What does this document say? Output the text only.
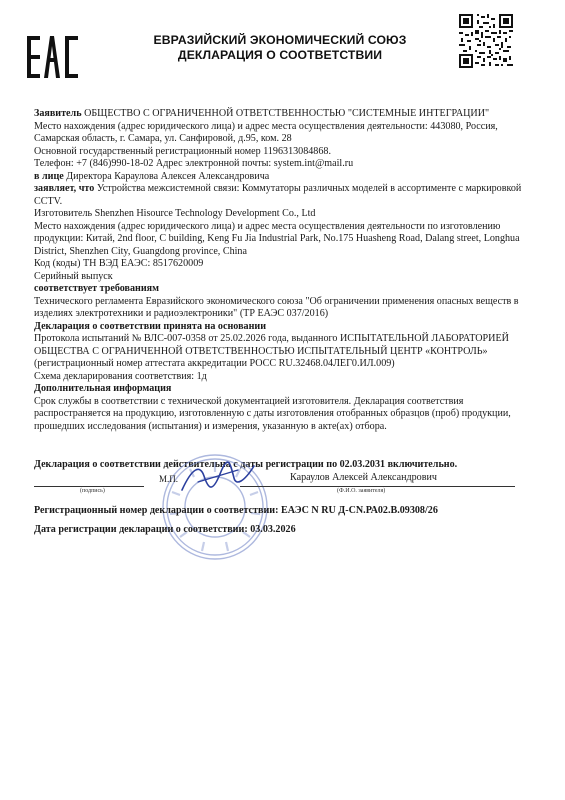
ЕВРАЗИЙСКИЙ ЭКОНОМИЧЕСКИЙ СОЮЗ
ДЕКЛАРАЦИЯ О СООТВЕТСТВИИ

Заявитель ОБЩЕСТВО С ОГРАНИЧЕННОЙ ОТВЕТСТВЕННОСТЬЮ "СИСТЕМНЫЕ ИНТЕГРАЦИИ"

Место нахождения (адрес юридического лица) и адрес места осуществления деятельности: 443080, Россия, Самарская область, г. Самара, ул. Санфировой, д.95, ком. 28

Основной государственный регистрационный номер 1196313084868.

Телефон: +7 (846)990-18-02 Адрес электронной почты: system.int@mail.ru

в лице Директора Караулова Алексея Александровича

заявляет, что Устройства межсистемной связи: Коммутаторы различных моделей в ассортименте с маркировкой CCTV.

Изготовитель Shenzhen Hisource Technology Development Co., Ltd

Место нахождения (адрес юридического лица) и адрес места осуществления деятельности по изготовлению продукции: Китай, 2nd floor, C building, Keng Fu Jia Industrial Park, No.175 Huasheng Road, Dalang street, Longhua District, Shenzhen City, Guangdong province, China

Код (коды) ТН ВЭД ЕАЭС: 8517620009

Серийный выпуск

соответствует требованиям

Технического регламента Евразийского экономического союза "Об ограничении применения опасных веществ в изделиях электротехники и радиоэлектроники" (ТР ЕАЭС 037/2016)

Декларация о соответствии принята на основании

Протокола испытаний № ВЛС-007-0358 от 25.02.2026 года, выданного ИСПЫТАТЕЛЬНОЙ ЛАБОРАТОРИЕЙ ОБЩЕСТВА С ОГРАНИЧЕННОЙ ОТВЕТСТВЕННОСТЬЮ ИСПЫТАТЕЛЬНЫЙ ЦЕНТР «КОНТРОЛЬ» (регистрационный номер аттестата аккредитации РОСС RU.32468.04ЛЕГ0.ИЛ.009)

Схема декларирования соответствия: 1д

Дополнительная информация

Срок службы в соответствии с технической документацией изготовителя. Декларация соответствия распространяется на продукцию, изготовленную с даты изготовления отобранных образцов (проб) продукции, прошедших исследования (испытания) и измерения, указанную в акте(ах) отбора.

Декларация о соответствии действительна с даты регистрации по 02.03.2031 включительно.
М.П.	Караулов Алексей Александрович
(подпись)	(Ф.И.О. заявителя)
Регистрационный номер декларации о соответствии: ЕАЭС N RU Д-CN.РА02.В.09308/26
Дата регистрации декларации о соответствии: 03.03.2026
